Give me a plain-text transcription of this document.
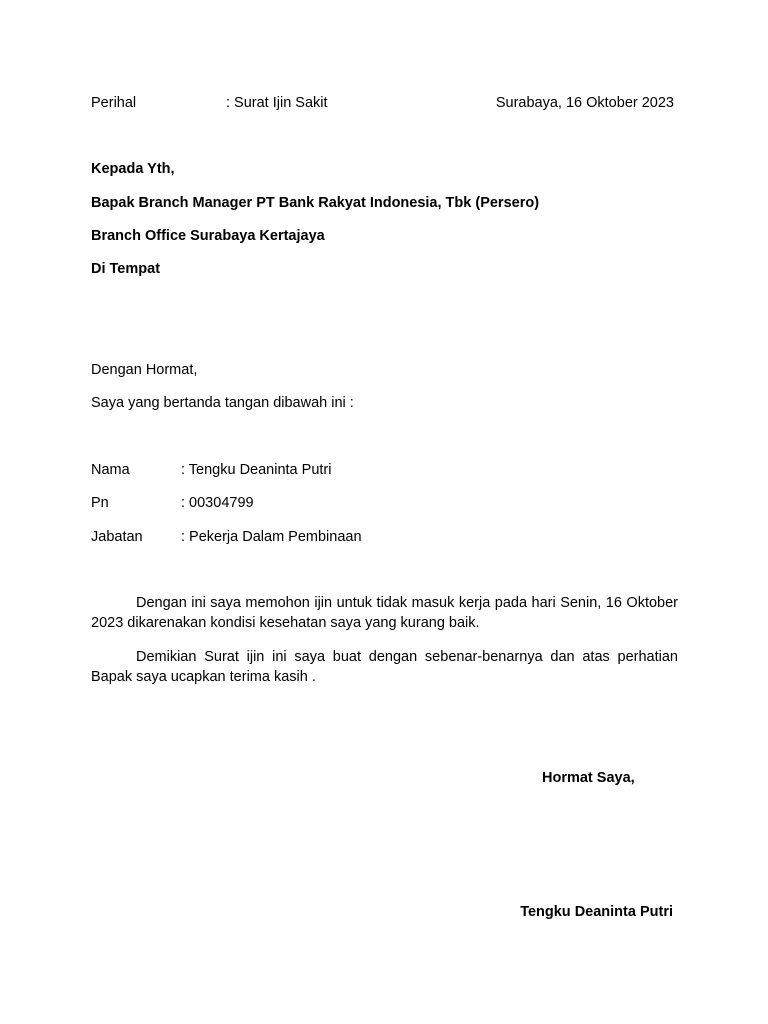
Perihal	: Surat Ijin Sakit	Surabaya, 16 Oktober 2023
Kepada Yth,
Bapak Branch Manager PT Bank Rakyat Indonesia, Tbk (Persero)
Branch Office Surabaya Kertajaya
Di Tempat
Dengan Hormat,
Saya yang bertanda tangan dibawah ini :
Nama	: Tengku Deaninta Putri
Pn	: 00304799
Jabatan	: Pekerja Dalam Pembinaan
Dengan ini saya memohon ijin untuk tidak masuk kerja pada hari Senin, 16 Oktober 2023 dikarenakan kondisi kesehatan saya yang kurang baik.
Demikian Surat ijin ini saya buat dengan sebenar-benarnya dan atas perhatian Bapak saya ucapkan terima kasih .
Hormat Saya,
Tengku Deaninta Putri
